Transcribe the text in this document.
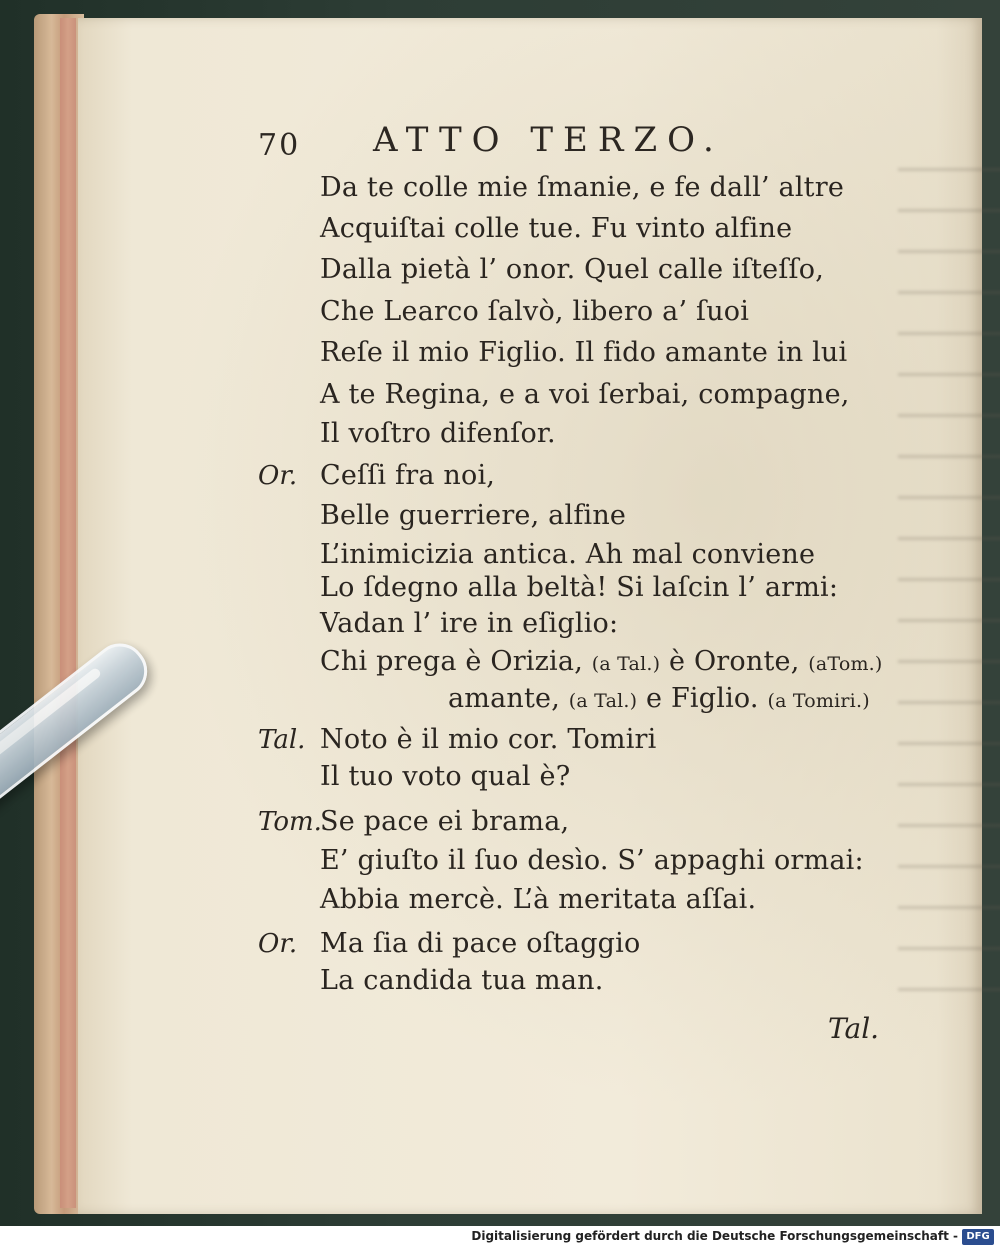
70 ATTO TERZO.
Da te colle mie ſmanie, e fe dall’ altre
Acquiſtai colle tue. Fu vinto alfine
Dalla pietà l’ onor. Quel calle iſteſſo,
Che Learco ſalvò, libero a’ ſuoi
Reſe il mio Figlio. Il fido amante in lui
A te Regina, e a voi ſerbai, compagne,
Il voſtro difenſor.
Or. Ceſſi fra noi,
Belle guerriere, alfine
L’inimicizia antica. Ah mal conviene
Lo ſdegno alla beltà! Si laſcin l’ armi:
Vadan l’ ire in eſiglio:
Chi prega è Orizia, (a Tal.) è Oronte, (aTom.)
amante, (a Tal.) e Figlio. (a Tomiri.)
Tal. Noto è il mio cor. Tomiri
Il tuo voto qual è?
Tom.
Se pace ei brama,
E’ giuſto il ſuo desìo. S’ appaghi ormai:
Abbia mercè. L’à meritata aſſai.
Or. Ma ſia di pace oſtaggio
La candida tua man.
Tal.
Digitalisierung gefördert durch die Deutsche Forschungsgemeinschaft - DFG
